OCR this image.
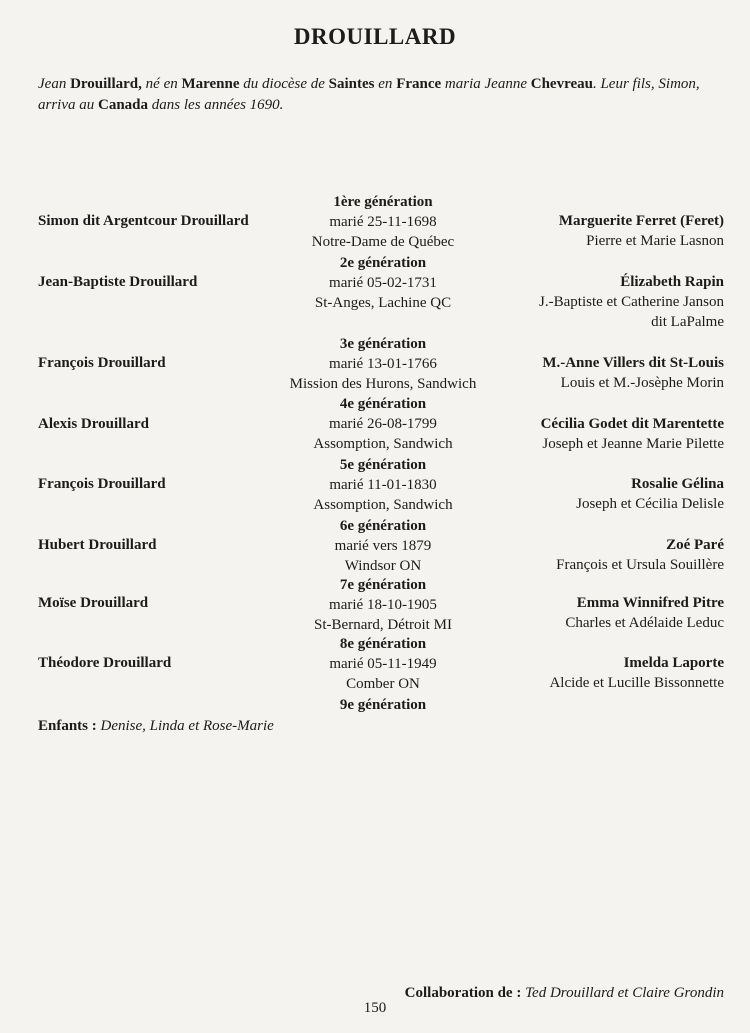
DROUILLARD
Jean Drouillard, né en Marenne du diocèse de Saintes en France maria Jeanne Chevreau. Leur fils, Simon, arriva au Canada dans les années 1690.
1ère génération
marié 25-11-1698
Notre-Dame de Québec
Simon dit Argentcour Drouillard	Marguerite Ferret (Feret)
Pierre et Marie Lasnon
2e génération
marié 05-02-1731
St-Anges, Lachine QC
Jean-Baptiste Drouillard	Élizabeth Rapin
J.-Baptiste et Catherine Janson
dit LaPalme
3e génération
marié 13-01-1766
Mission des Hurons, Sandwich
François Drouillard	M.-Anne Villers dit St-Louis
Louis et M.-Josèphe Morin
4e génération
marié 26-08-1799
Assomption, Sandwich
Alexis Drouillard	Cécilia Godet dit Marentette
Joseph et Jeanne Marie Pilette
5e génération
marié 11-01-1830
Assomption, Sandwich
François Drouillard	Rosalie Gélina
Joseph et Cécilia Delisle
6e génération
marié vers 1879
Windsor ON
Hubert Drouillard	Zoé Paré
François et Ursula Souillère
7e génération
marié 18-10-1905
St-Bernard, Détroit MI
Moïse Drouillard	Emma Winnifred Pitre
Charles et Adélaide Leduc
8e génération
marié 05-11-1949
Comber ON
Théodore Drouillard	Imelda Laporte
Alcide et Lucille Bissonnette
9e génération
Enfants : Denise, Linda et Rose-Marie
Collaboration de : Ted Drouillard et Claire Grondin
150
